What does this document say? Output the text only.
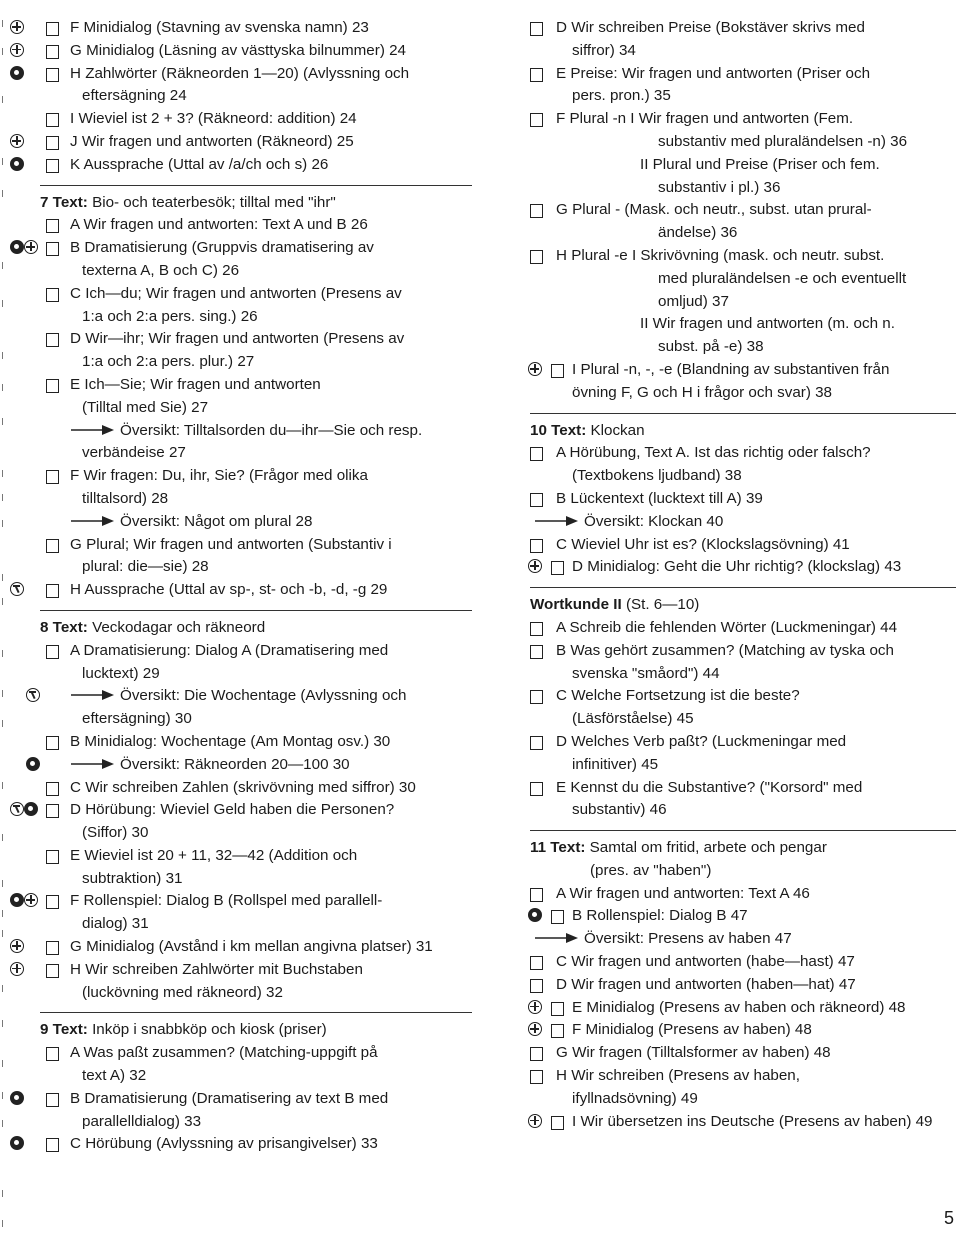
F Minidialog (Stavning av svenska namn) 23
G Minidialog (Läsning av västtyska bilnummer) 24
H Zahlwörter (Räkneorden 1—20) (Avlyssning och
eftersägning 24
I Wieviel ist 2 + 3? (Räkneord: addition) 24
J Wir fragen und antworten (Räkneord) 25
K Aussprache (Uttal av /a/ch och s) 26
7 Text: Bio- och teaterbesök; tilltal med "ihr"
A Wir fragen und antworten: Text A und B 26
B Dramatisierung (Gruppvis dramatisering av
texterna A, B och C) 26
C Ich—du; Wir fragen und antworten (Presens av
1:a och 2:a pers. sing.) 26
D Wir—ihr; Wir fragen und antworten (Presens av
1:a och 2:a pers. plur.) 27
E Ich—Sie; Wir fragen und antworten
(Tilltal med Sie) 27
Översikt: Tilltalsorden du—ihr—Sie och resp.
verbändeise 27
F Wir fragen: Du, ihr, Sie? (Frågor med olika
tilltalsord) 28
Översikt: Något om plural 28
G Plural; Wir fragen und antworten (Substantiv i
plural: die—sie) 28
H Aussprache (Uttal av sp-, st- och -b, -d, -g 29
8 Text: Veckodagar och räkneord
A Dramatisierung: Dialog A (Dramatisering med
lucktext) 29
Översikt: Die Wochentage (Avlyssning och
eftersägning) 30
B Minidialog: Wochentage (Am Montag osv.) 30
Översikt: Räkneorden 20—100 30
C Wir schreiben Zahlen (skrivövning med siffror) 30
D Hörübung: Wieviel Geld haben die Personen?
(Siffor) 30
E Wieviel ist 20 + 11, 32—42 (Addition och
subtraktion) 31
F Rollenspiel: Dialog B (Rollspel med parallell-
dialog) 31
G Minidialog (Avstånd i km mellan angivna platser) 31
H Wir schreiben Zahlwörter mit Buchstaben
(luckövning med räkneord) 32
9 Text: Inköp i snabbköp och kiosk (priser)
A Was paßt zusammen? (Matching-uppgift på
text A) 32
B Dramatisierung (Dramatisering av text B med
parallelldialog) 33
C Hörübung (Avlyssning av prisangivelser) 33
D Wir schreiben Preise (Bokstäver skrivs med
siffror) 34
E Preise: Wir fragen und antworten (Priser och
pers. pron.) 35
F Plural -n I Wir fragen und antworten (Fem.
substantiv med pluraländelsen -n) 36
II Plural und Preise (Priser och fem.
substantiv i pl.) 36
G Plural - (Mask. och neutr., subst. utan prural-
ändelse) 36
H Plural -e I Skrivövning (mask. och neutr. subst.
med pluraländelsen -e och eventuellt
omljud) 37
II Wir fragen und antworten (m. och n.
subst. på -e) 38
I Plural -n, -, -e (Blandning av substantiven från
övning F, G och H i frågor och svar) 38
10 Text: Klockan
A Hörübung, Text A. Ist das richtig oder falsch?
(Textbokens ljudband) 38
B Lückentext (lucktext till A) 39
Översikt: Klockan 40
C Wieviel Uhr ist es? (Klockslagsövning) 41
D Minidialog: Geht die Uhr richtig? (klockslag) 43
Wortkunde II (St. 6—10)
A Schreib die fehlenden Wörter (Luckmeningar) 44
B Was gehört zusammen? (Matching av tyska och
svenska "småord") 44
C Welche Fortsetzung ist die beste?
(Läsförståelse) 45
D Welches Verb paßt? (Luckmeningar med
infinitiver) 45
E Kennst du die Substantive? ("Korsord" med
substantiv) 46
11 Text: Samtal om fritid, arbete och pengar
(pres. av "haben")
A Wir fragen und antworten: Text A 46
B Rollenspiel: Dialog B 47
Översikt: Presens av haben 47
C Wir fragen und antworten (habe—hast) 47
D Wir fragen und antworten (haben—hat) 47
E Minidialog (Presens av haben och räkneord) 48
F Minidialog (Presens av haben) 48
G Wir fragen (Tilltalsformer av haben) 48
H Wir schreiben (Presens av haben,
ifyllnadsövning) 49
I Wir übersetzen ins Deutsche (Presens av haben) 49
5
